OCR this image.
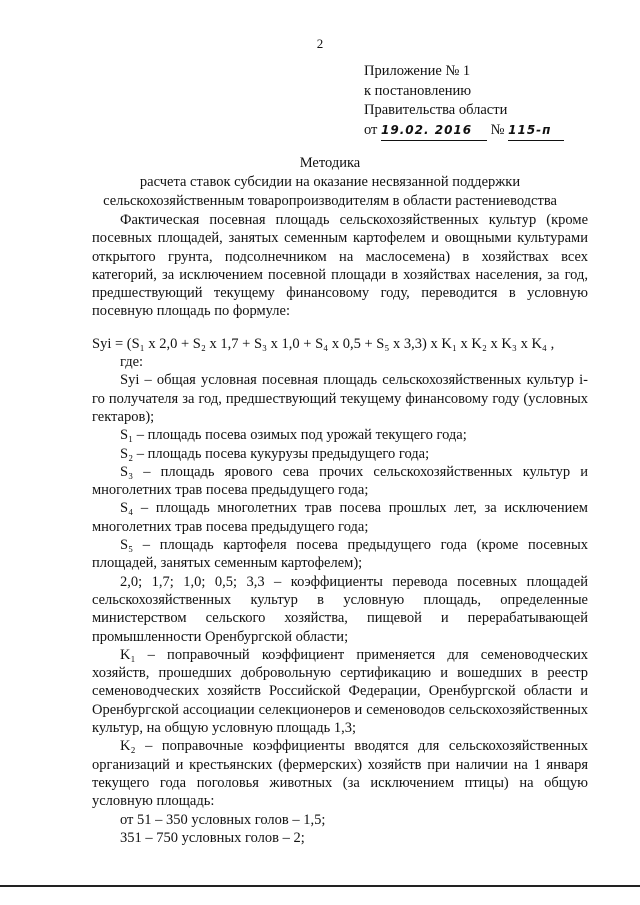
2
Приложение № 1
к постановлению
Правительства области
от 19.02. 2016 № 115-п
Методика
расчета ставок субсидии на оказание несвязанной поддержки
сельскохозяйственным товаропроизводителям в области растениеводства

Фактическая посевная площадь сельскохозяйственных культур (кроме посевных площадей, занятых семенным картофелем и овощными культурами открытого грунта, подсолнечником на маслосемена) в хозяйствах всех категорий, за исключением посевной площади в хозяйствах населения, за год, предшествующий текущему финансовому году, переводится в условную посевную площадь по формуле:

Syi = (S₁ x 2,0 + S₂ x 1,7 + S₃ x 1,0 + S₄ x 0,5 + S₅ x 3,3) x K₁ x K₂ x K₃ x K₄ ,

где:

Syi – общая условная посевная площадь сельскохозяйственных культур i-го получателя за год, предшествующий текущему финансовому году (условных гектаров);

S₁ – площадь посева озимых под урожай текущего года;

S₂ – площадь посева кукурузы предыдущего года;

S₃ – площадь ярового сева прочих сельскохозяйственных культур и многолетних трав посева предыдущего года;

S₄ – площадь многолетних трав посева прошлых лет, за исключением многолетних трав посева предыдущего года;

S₅ – площадь картофеля посева предыдущего года (кроме посевных площадей, занятых семенным картофелем);

2,0; 1,7; 1,0; 0,5; 3,3 – коэффициенты перевода посевных площадей сельскохозяйственных культур в условную площадь, определенные министерством сельского хозяйства, пищевой и перерабатывающей промышленности Оренбургской области;

K₁ – поправочный коэффициент применяется для семеноводческих хозяйств, прошедших добровольную сертификацию и вошедших в реестр семеноводческих хозяйств Российской Федерации, Оренбургской области и Оренбургской ассоциации селекционеров и семеноводов сельскохозяйственных культур, на общую условную площадь 1,3;

K₂ – поправочные коэффициенты вводятся для сельскохозяйственных организаций и крестьянских (фермерских) хозяйств при наличии на 1 января текущего года поголовья животных (за исключением птицы) на общую условную площадь:

от 51 – 350 условных голов – 1,5;

351 – 750 условных голов – 2;
